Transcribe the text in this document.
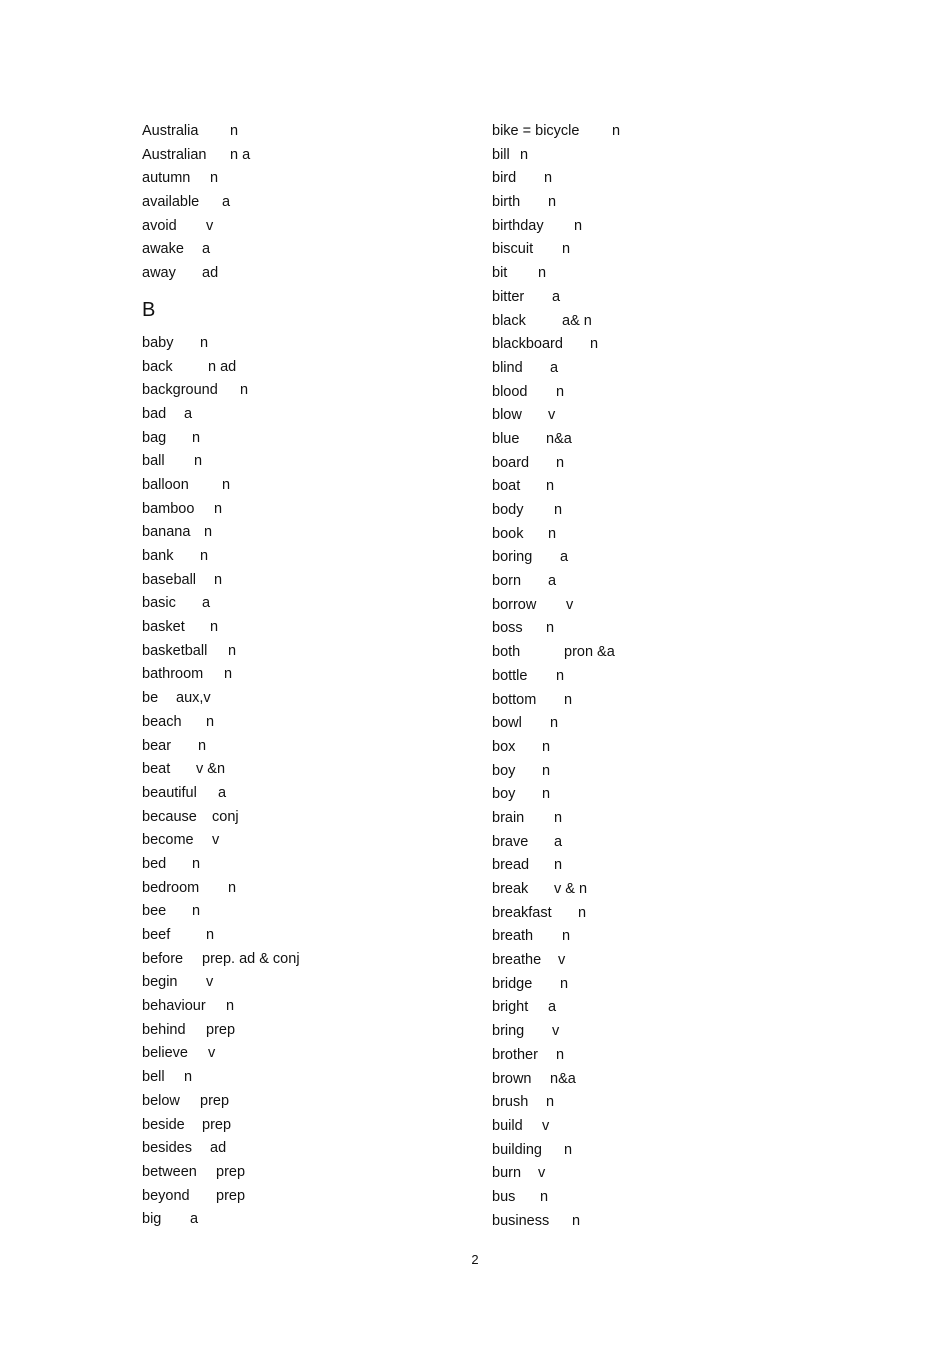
Australia n
Australian n a
autumn n
available a
avoid v
awake a
away ad
B
baby n
back n ad
background n
bad a
bag n
ball n
balloon n
bamboo n
banana n
bank n
baseball n
basic a
basket n
basketball n
bathroom n
be aux,v
beach n
bear n
beat v &n
beautiful a
because conj
become v
bed n
bedroom n
bee n
beef n
before prep. ad & conj
begin v
behaviour n
behind prep
believe v
bell n
below prep
beside prep
besides ad
between prep
beyond prep
big a
bike = bicycle n
bill n
bird n
birth n
birthday n
biscuit n
bit n
bitter a
black a& n
blackboard n
blind a
blood n
blow v
blue n&a
board n
boat n
body n
book n
boring a
born a
borrow v
boss n
both	pron &a
bottle n
bottom n
bowl n
box n
boy n
boy n
brain n
brave a
bread n
break v & n
breakfast n
breath n
breathe v
bridge n
bright a
bring v
brother n
brown n&a
brush n
build v
building n
burn v
bus n
business n
2
